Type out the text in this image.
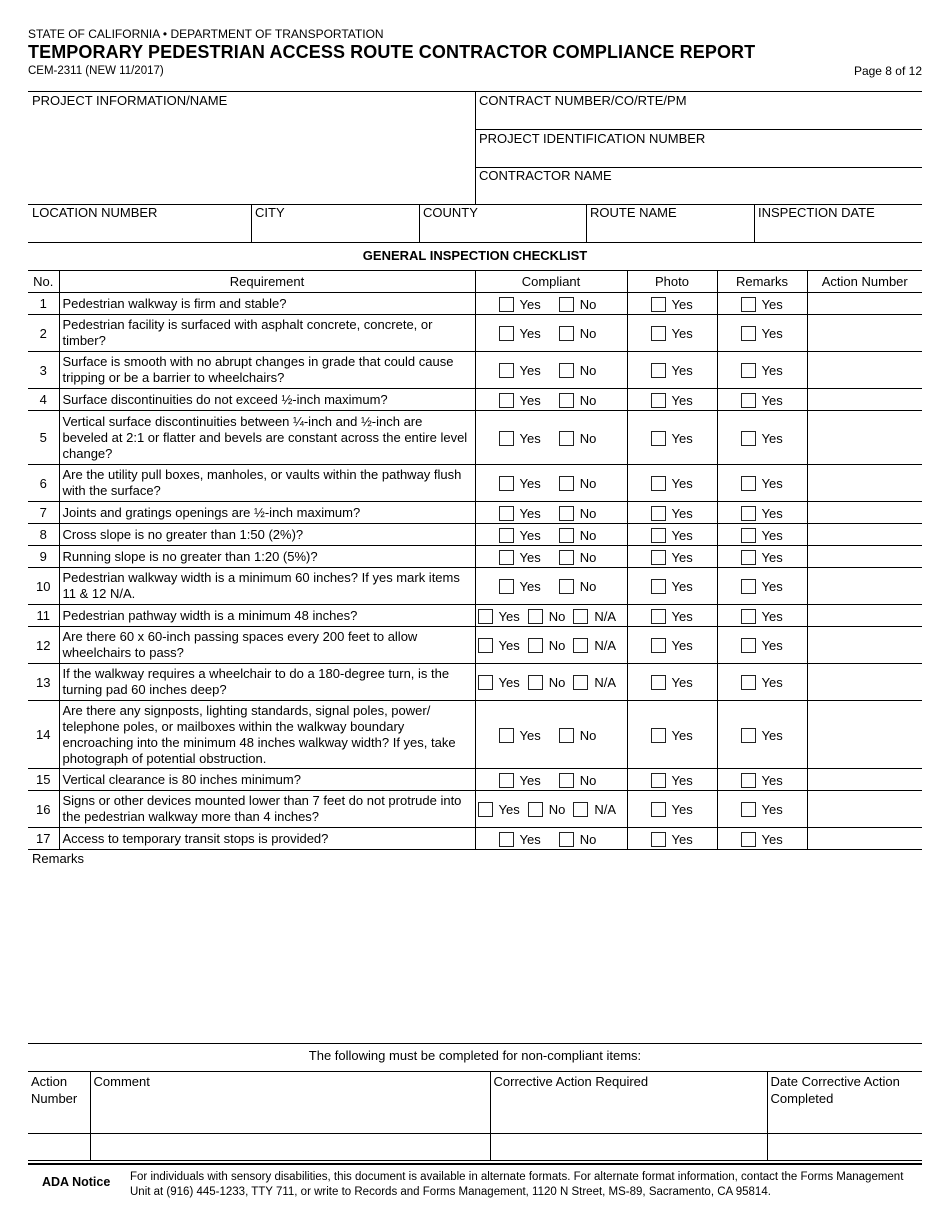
STATE OF CALIFORNIA • DEPARTMENT OF TRANSPORTATION
TEMPORARY PEDESTRIAN ACCESS ROUTE CONTRACTOR COMPLIANCE REPORT
CEM-2311 (NEW 11/2017)	Page 8 of 12
PROJECT INFORMATION/NAME	CONTRACT NUMBER/CO/RTE/PM
PROJECT IDENTIFICATION NUMBER
CONTRACTOR NAME
LOCATION NUMBER	CITY	COUNTY	ROUTE NAME	INSPECTION DATE
GENERAL INSPECTION CHECKLIST
No.	Requirement	Compliant	Photo	Remarks	Action Number
1	Pedestrian walkway is firm and stable?	Yes No	Yes	Yes	
2	Pedestrian facility is surfaced with asphalt concrete, concrete, or timber?	Yes No	Yes	Yes	
3	Surface is smooth with no abrupt changes in grade that could cause tripping or be a barrier to wheelchairs?	Yes No	Yes	Yes	
4	Surface discontinuities do not exceed ½-inch maximum?	Yes No	Yes	Yes	
5	Vertical surface discontinuities between ¼-inch and ½-inch are beveled at 2:1 or flatter and bevels are constant across the entire level change?	Yes No	Yes	Yes	
6	Are the utility pull boxes, manholes, or vaults within the pathway flush with the surface?	Yes No	Yes	Yes	
7	Joints and gratings openings are ½-inch maximum?	Yes No	Yes	Yes	
8	Cross slope is no greater than 1:50 (2%)?	Yes No	Yes	Yes	
9	Running slope is no greater than 1:20 (5%)?	Yes No	Yes	Yes	
10	Pedestrian walkway width is a minimum 60 inches? If yes mark items 11 & 12 N/A.	Yes No	Yes	Yes	
11	Pedestrian pathway width is a minimum 48 inches?	Yes No N/A	Yes	Yes	
12	Are there 60 x 60-inch passing spaces every 200 feet to allow wheelchairs to pass?	Yes No N/A	Yes	Yes	
13	If the walkway requires a wheelchair to do a 180-degree turn, is the turning pad 60 inches deep?	Yes No N/A	Yes	Yes	
14	Are there any signposts, lighting standards, signal poles, power/ telephone poles, or mailboxes within the walkway boundary encroaching into the minimum 48 inches walkway width? If yes, take photograph of potential obstruction.	Yes No	Yes	Yes	
15	Vertical clearance is 80 inches minimum?	Yes No	Yes	Yes	
16	Signs or other devices mounted lower than 7 feet do not protrude into the pedestrian walkway more than 4 inches?	Yes No N/A	Yes	Yes	
17	Access to temporary transit stops is provided?	Yes No	Yes	Yes	
Remarks
The following must be completed for non-compliant items:
Action Number	Comment	Corrective Action Required	Date Corrective Action Completed

ADA Notice For individuals with sensory disabilities, this document is available in alternate formats. For alternate format information, contact the Forms Management Unit at (916) 445-1233, TTY 711, or write to Records and Forms Management, 1120 N Street, MS-89, Sacramento, CA 95814.
